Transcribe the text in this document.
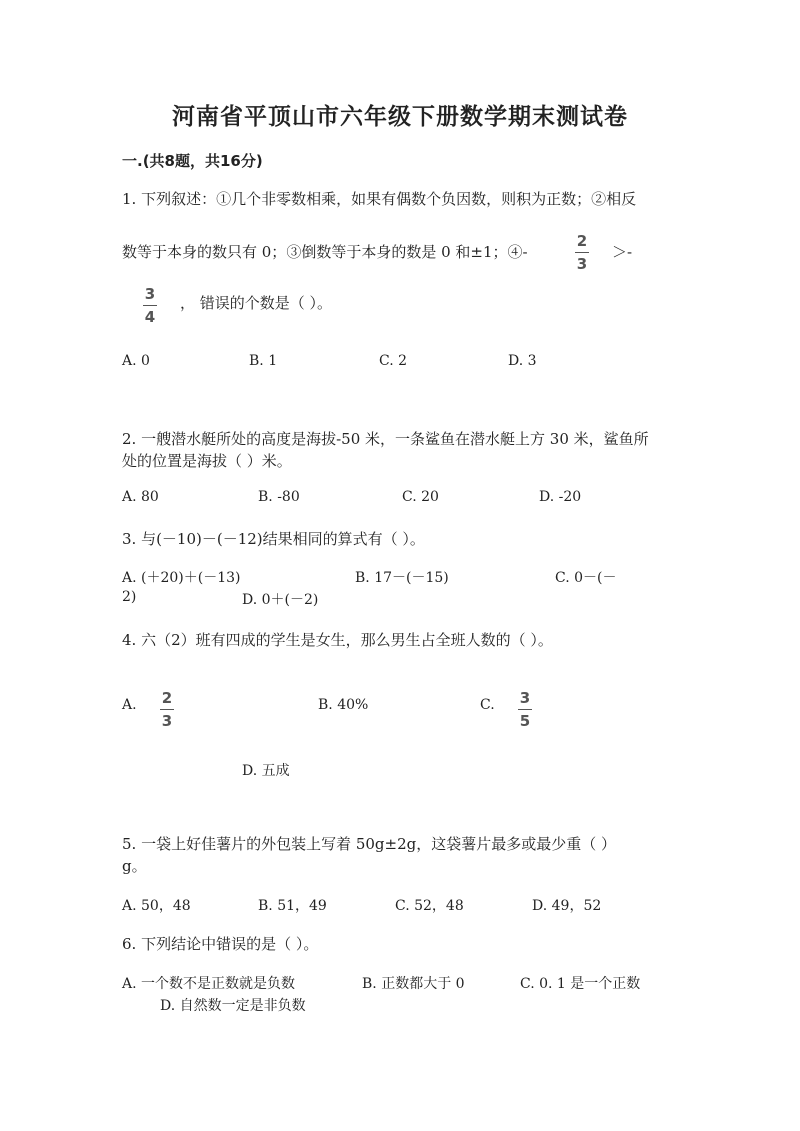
河南省平顶山市六年级下册数学期末测试卷
一.(共8题，共16分)
1. 下列叙述：①几个非零数相乘，如果有偶数个负因数，则积为正数；②相反
数等于本身的数只有 0；③倒数等于本身的数是 0 和±1；④-
2
3
＞-
3
4
， 错误的个数是（ ）。
A. 0	B. 1	C. 2	D. 3
2. 一艘潜水艇所处的高度是海拔-50 米，一条鲨鱼在潜水艇上方 30 米，鲨鱼所
处的位置是海拔（ ）米。
A. 80	B. -80	C. 20	D. -20
3. 与(－10)－(－12)结果相同的算式有（ ）。
A. (＋20)＋(－13)	B. 17－(－15)	C. 0－(－
2)	D. 0＋(－2)
4. 六（2）班有四成的学生是女生，那么男生占全班人数的（ ）。
A. 2
3
B. 40%	C. 3
5
D. 五成
5. 一袋上好佳薯片的外包装上写着 50g±2g，这袋薯片最多或最少重（ ）
g。
A. 50，48	B. 51，49	C. 52，48	D. 49，52
6. 下列结论中错误的是（ ）。
A. 一个数不是正数就是负数	B. 正数都大于 0	C. 0. 1 是一个正数
D. 自然数一定是非负数
